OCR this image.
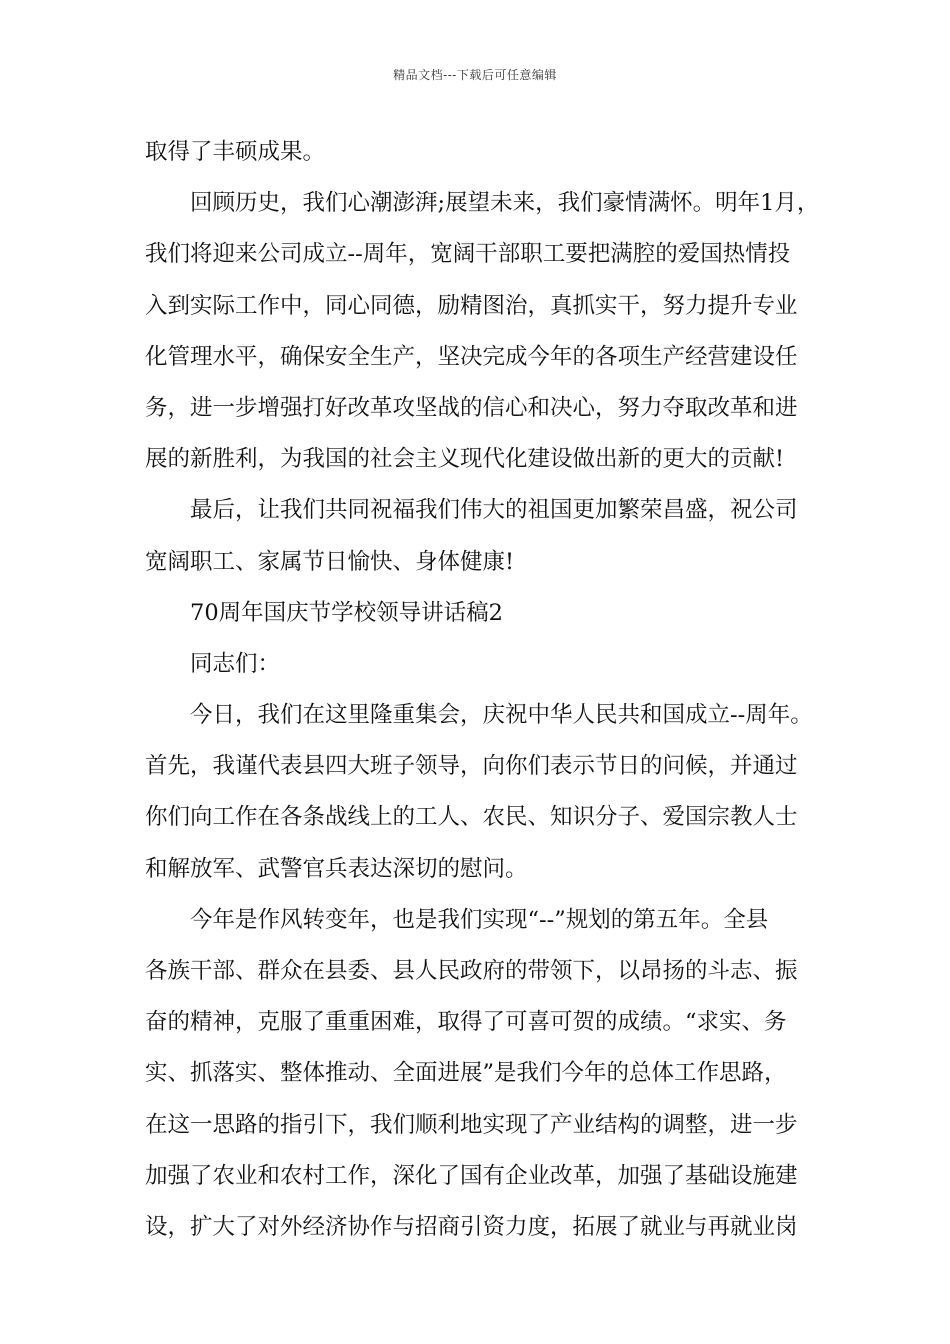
精品文档---下载后可任意编辑
取得了丰硕成果。
回顾历史，我们心潮澎湃;展望未来，我们豪情满怀。明年1月，
我们将迎来公司成立--周年，宽阔干部职工要把满腔的爱国热情投
入到实际工作中，同心同德，励精图治，真抓实干，努力提升专业
化管理水平，确保安全生产，坚决完成今年的各项生产经营建设任
务，进一步增强打好改革攻坚战的信心和决心，努力夺取改革和进
展的新胜利，为我国的社会主义现代化建设做出新的更大的贡献!
最后，让我们共同祝福我们伟大的祖国更加繁荣昌盛，祝公司
宽阔职工、家属节日愉快、身体健康!
70周年国庆节学校领导讲话稿2
同志们：
今日，我们在这里隆重集会，庆祝中华人民共和国成立--周年。
首先，我谨代表县四大班子领导，向你们表示节日的问候，并通过
你们向工作在各条战线上的工人、农民、知识分子、爱国宗教人士
和解放军、武警官兵表达深切的慰问。
今年是作风转变年，也是我们实现“--”规划的第五年。全县
各族干部、群众在县委、县人民政府的带领下，以昂扬的斗志、振
奋的精神，克服了重重困难，取得了可喜可贺的成绩。“求实、务
实、抓落实、整体推动、全面进展”是我们今年的总体工作思路，
在这一思路的指引下，我们顺利地实现了产业结构的调整，进一步
加强了农业和农村工作，深化了国有企业改革，加强了基础设施建
设，扩大了对外经济协作与招商引资力度，拓展了就业与再就业岗
